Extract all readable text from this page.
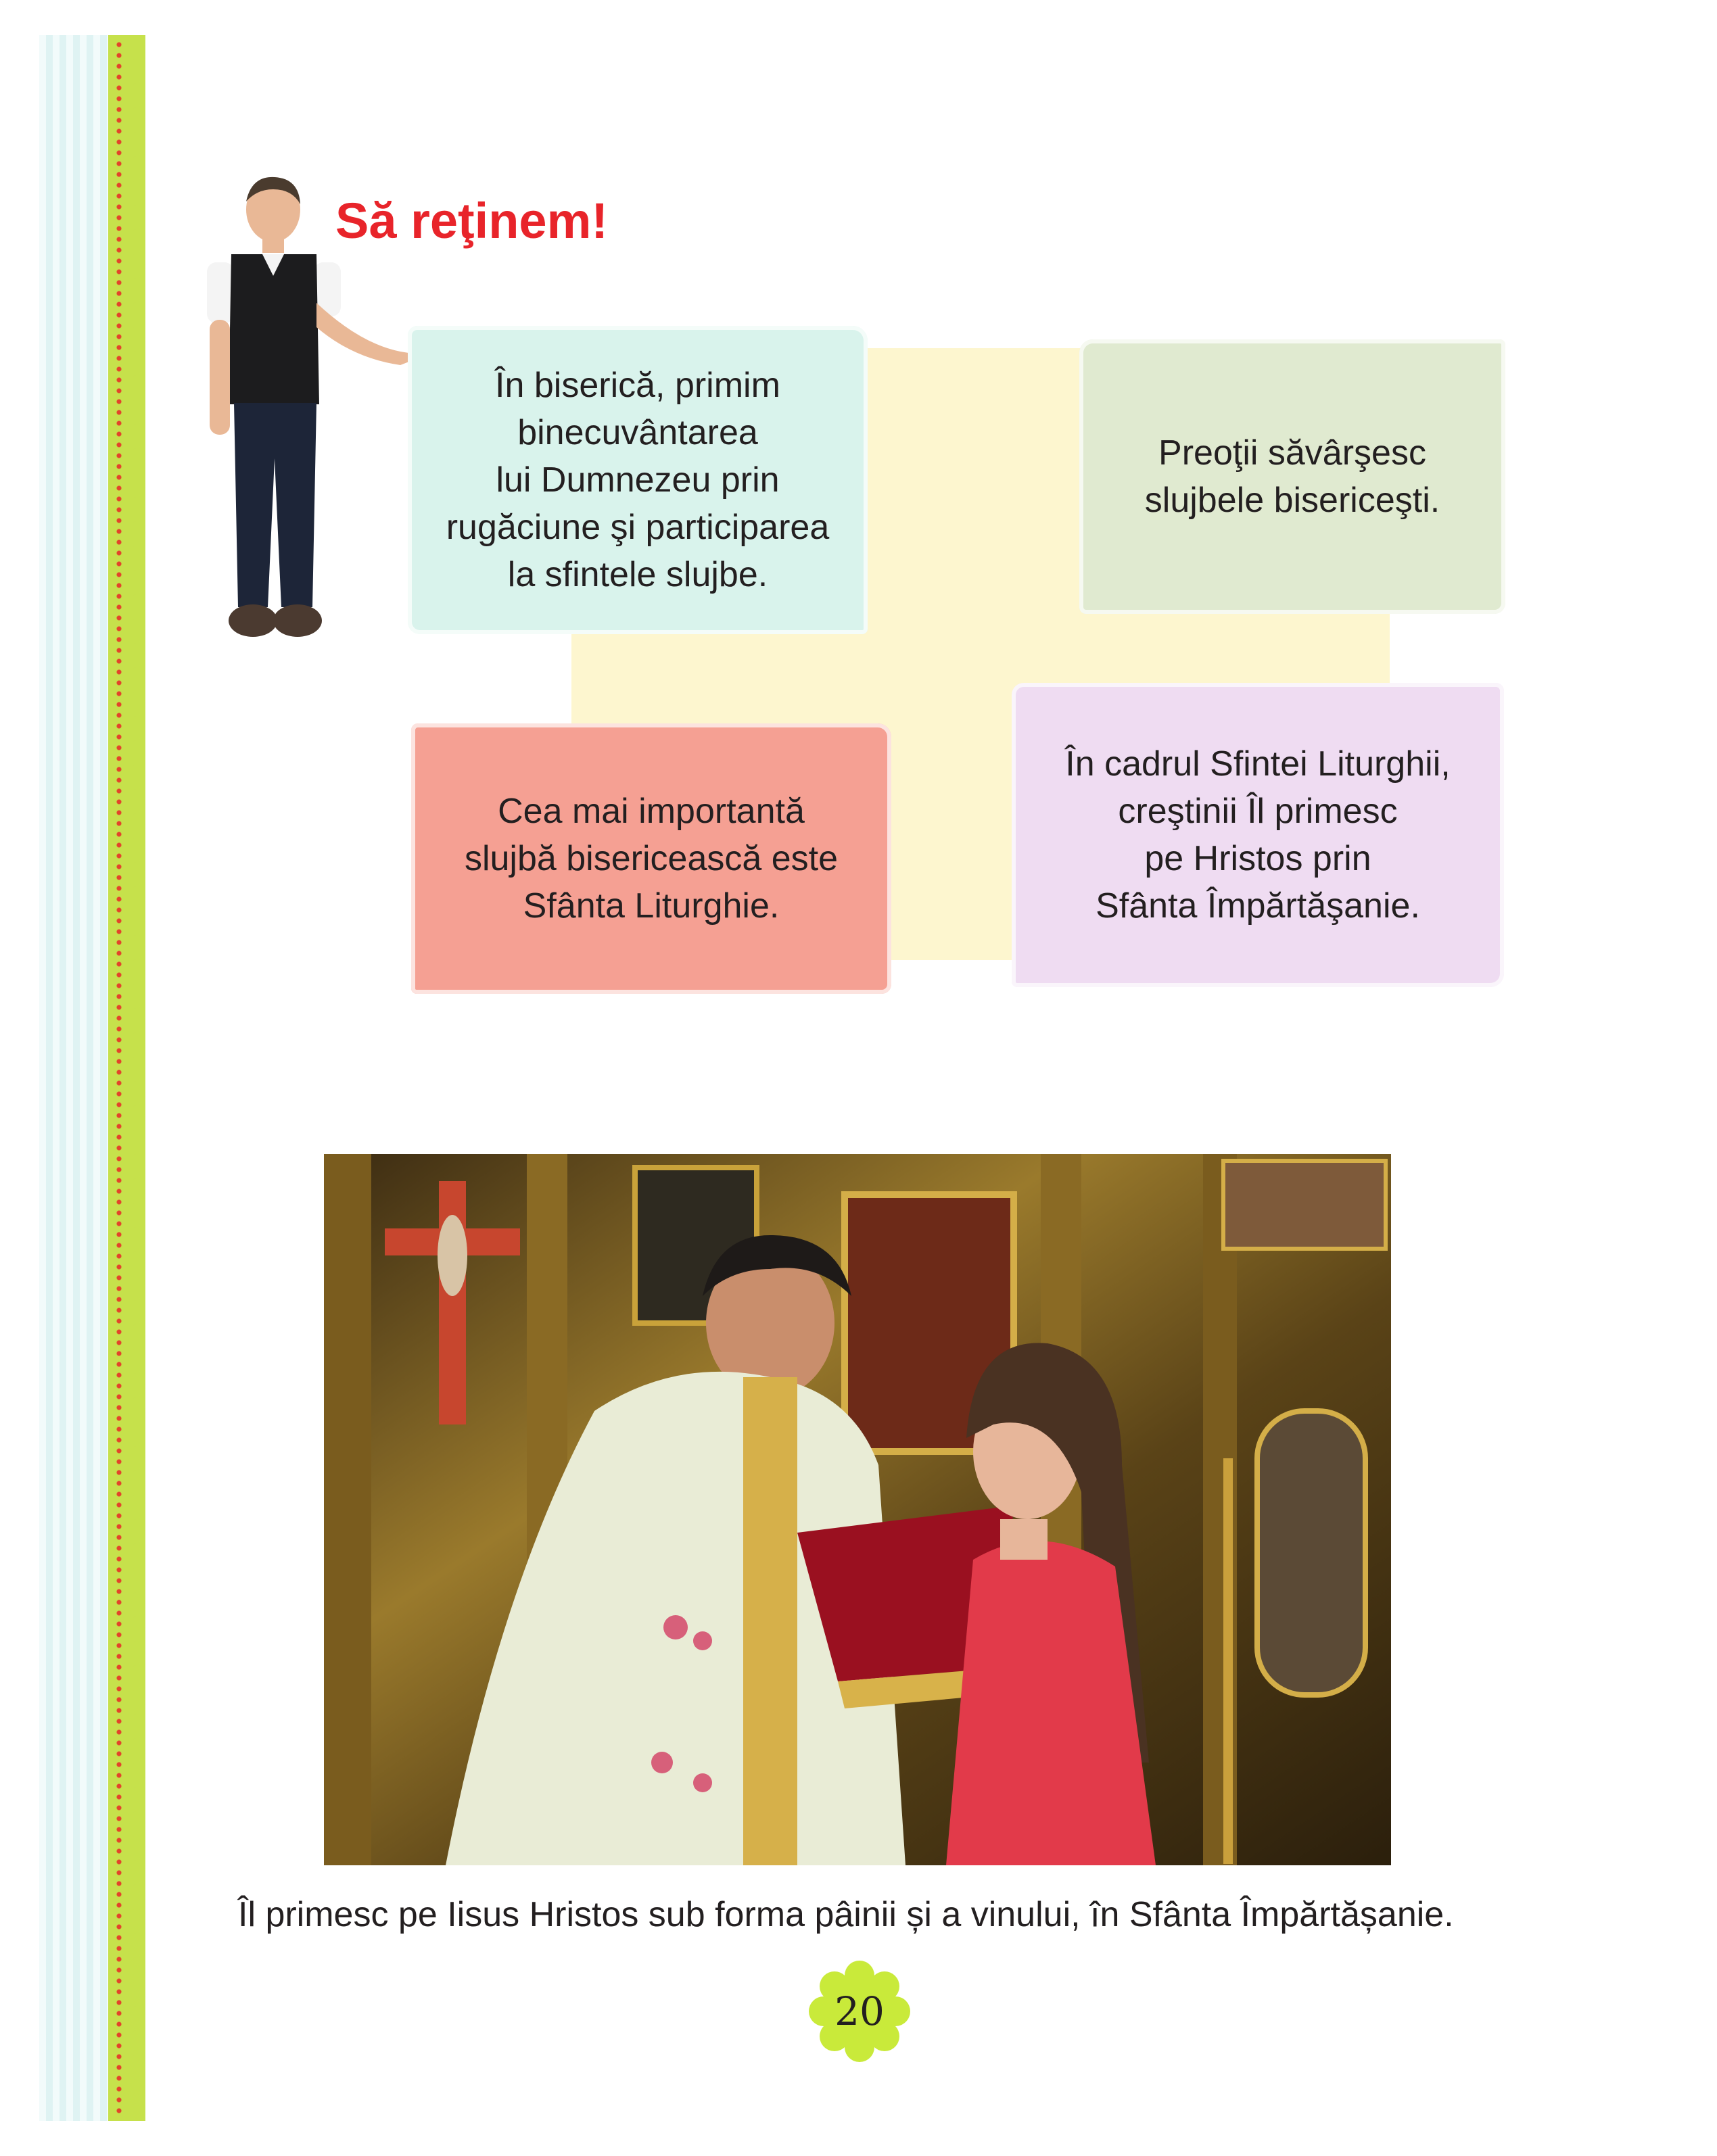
Să reţinem!
În biserică, primim
binecuvântarea
lui Dumnezeu prin
rugăciune şi participarea
la sfintele slujbe.
Preoţii săvârşesc
slujbele bisericeşti.
Cea mai importantă
slujbă bisericească este
Sfânta Liturghie.
În cadrul Sfintei Liturghii,
creştinii Îl primesc
pe Hristos prin
Sfânta Împărtăşanie.

Îl primesc pe Iisus Hristos sub forma pâinii și a vinului, în Sfânta Împărtășanie.

20
